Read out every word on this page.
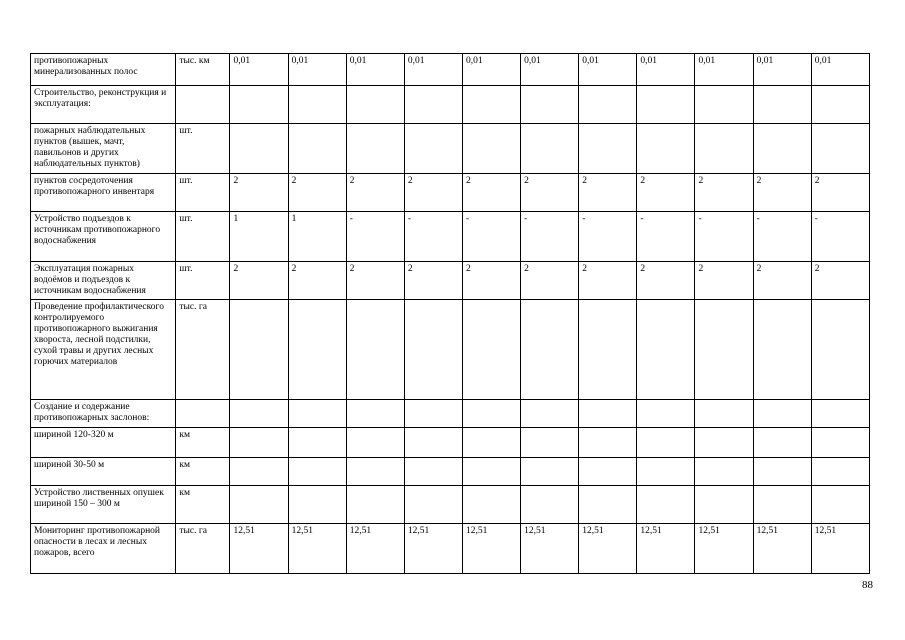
противопожарных минерализованных полос	тыс. км	0,01	0,01	0,01	0,01	0,01	0,01	0,01	0,01	0,01	0,01	0,01
Строительство, реконструкция и эксплуатация:												
пожарных наблюдательных пунктов (вышек, мачт, павильонов и других наблюдательных пунктов)	шт.											
пунктов сосредоточения противопожарного инвентаря	шт.	2	2	2	2	2	2	2	2	2	2	2
Устройство подъездов к источникам противопожарного водоснабжения	шт.	1	1	-	-	-	-	-	-	-	-	-
Эксплуатация пожарных водоёмов и подъездов к источникам водоснабжения	шт.	2	2	2	2	2	2	2	2	2	2	2
Проведение профилактического контролируемого противопожарного выжигания хвороста, лесной подстилки, сухой травы и других лесных горючих материалов	тыс. га											
Создание и содержание противопожарных заслонов:												
шириной 120-320 м	км											
шириной 30-50 м	км											
Устройство лиственных опушек шириной 150 – 300 м	км											
Мониторинг противопожарной опасности в лесах и лесных пожаров, всего	тыс. га	12,51	12,51	12,51	12,51	12,51	12,51	12,51	12,51	12,51	12,51	12,51
88
